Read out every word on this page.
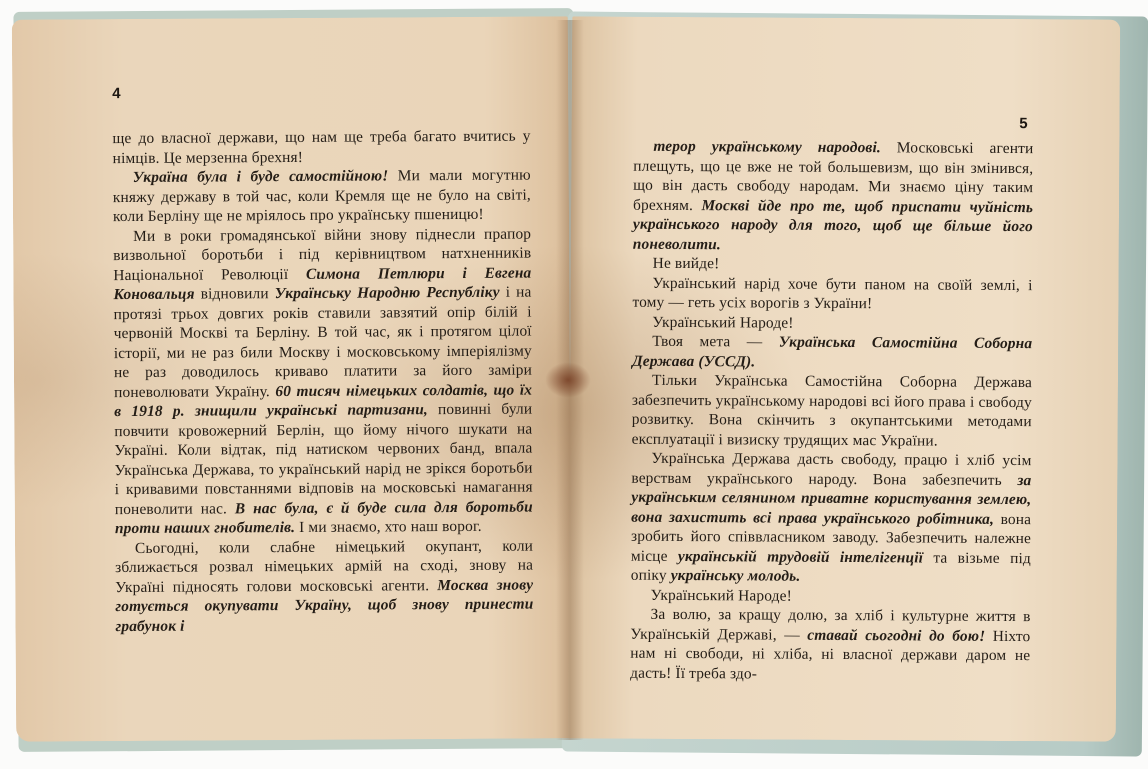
4

ще до власної держави, що нам ще треба багато вчитись у німців. Це мерзенна брехня!

Україна була і буде самостійною! Ми мали могутню княжу державу в той час, коли Кремля ще не було на світі, коли Берліну ще не мріялось про українську пшеницю!

Ми в роки громадянської війни знову піднесли прапор визвольної боротьби і під керівництвом натхненників Національної Революції Симона Петлюри і Евгена Коновальця відновили Українську Народню Республіку і на протязі трьох довгих років ставили завзятий опір білій і червоній Москві та Берліну. В той час, як і протягом цілої історії, ми не раз били Москву і московському імперіялізму не раз доводилось криваво платити за його заміри поневолювати Україну. 60 тисяч німецьких солдатів, що їх в 1918 р. знищили українські партизани, повинні були повчити кровожерний Берлін, що йому нічого шукати на Україні. Коли відтак, під натиском червоних банд, впала Українська Держава, то український нарід не зрікся боротьби і кривавими повстаннями відповів на московські намагання поневолити нас. В нас була, є й буде сила для боротьби проти наших гнобителів. І ми знаємо, хто наш ворог.

Сьогодні, коли слабне німецький окупант, коли зближається розвал німецьких армій на сході, знову на Україні підносять голови московські агенти. Москва знову готується окупувати Україну, щоб знову принести грабунок і

5

терор українському народові. Московські агенти плещуть, що це вже не той большевизм, що він змінився, що він дасть свободу народам. Ми знаємо ціну таким брехням. Москві йде про те, щоб приспати чуйність українського народу для того, щоб ще більше його поневолити.

Не вийде!

Український нарід хоче бути паном на своїй землі, і тому — геть усіх ворогів з України!

Український Народе!

Твоя мета — Українська Самостійна Соборна Держава (УССД).

Тільки Українська Самостійна Соборна Держава забезпечить українському народові всі його права і свободу розвитку. Вона скінчить з окупантськими методами експлуатації і визиску трудящих мас України.

Українська Держава дасть свободу, працю і хліб усім верствам українського народу. Вона забезпечить за українським селянином приватне користування землею, вона захистить всі права українського робітника, вона зробить його співвласником заводу. Забезпечить належне місце українській трудовій інтелігенції та візьме під опіку українську молодь.

Український Народе!

За волю, за кращу долю, за хліб і культурне життя в Українській Державі, — ставай сьогодні до бою! Ніхто нам ні свободи, ні хліба, ні власної держави даром не дасть! Її треба здо-
